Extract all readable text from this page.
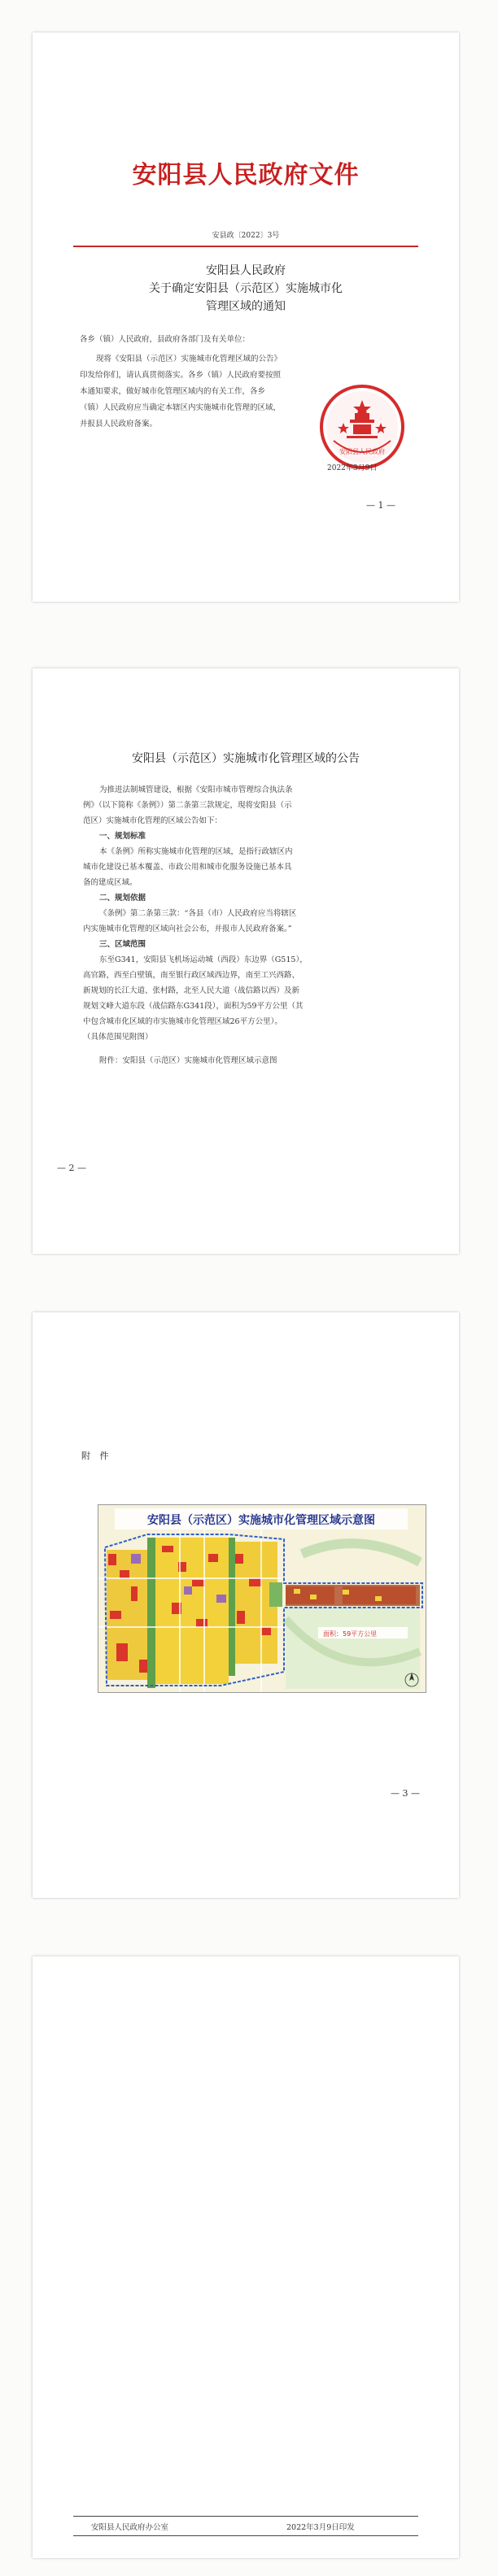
安阳县人民政府文件
安县政〔2022〕3号
安阳县人民政府
关于确定安阳县（示范区）实施城市化
管理区域的通知
各乡（镇）人民政府，县政府各部门及有关单位：
现将《安阳县（示范区）实施城市化管理区域的公告》
印发给你们，请认真贯彻落实。各乡（镇）人民政府要按照
本通知要求，做好城市化管理区域内的有关工作，各乡
（镇）人民政府应当确定本辖区内实施城市化管理的区域，
并报县人民政府备案。
安阳县人民政府
2022年3月9日
— 1 —
安阳县（示范区）实施城市化管理区域的公告
为推进法制城管建设，根据《安阳市城市管理综合执法条
例》（以下简称《条例》）第二条第三款规定，現将安阳县（示
范区）实施城市化管理的区域公告如下：
一、规划标准
本《条例》所称实施城市化管理的区域，是指行政辖区内
城市化建设已基本覆盖、市政公用和城市化服务设施已基本具
备的建成区域。
二、规划依据
《条例》第二条第三款：“各县（市）人民政府应当将辖区
内实施城市化管理的区域向社会公布，并报市人民政府备案。”
三、区域范围
东至G341，安阳县飞机场运动城（西段）东边界（G515），
高官路，西至白壁镇，南至银行政区域西边界，南至工兴西路、
新规划的长江大道、张村路，北至人民大道（战信路以西）及新
规划文峰大道东段（战信路东G341段），面积为59平方公里（其
中包含城市化区域的市实施城市化管理区域26平方公里）。
（具体范围见附图）
附件：安阳县（示范区）实施城市化管理区域示意图
— 2 —
附 件
安阳县（示范区）实施城市化管理区域示意图
面积：59平方公里
— 3 —
安阳县人民政府办公室	2022年3月9日印发
